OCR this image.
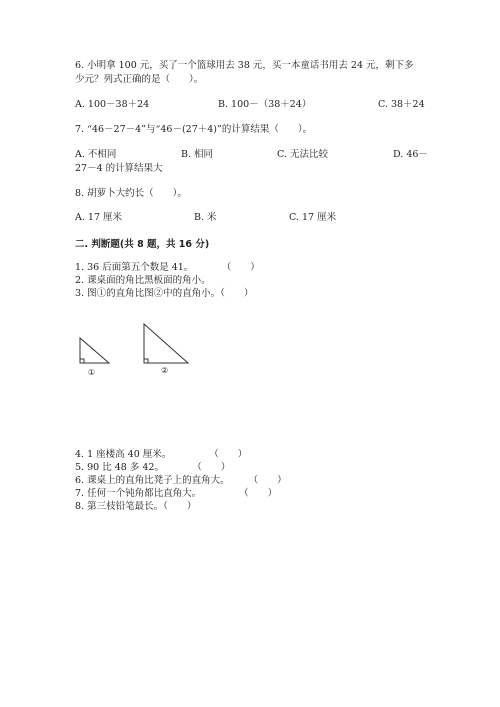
6. 小明拿 100 元，买了一个篮球用去 38 元，买一本童话书用去 24 元，剩下多
少元？列式正确的是（　　）。
A. 100－38＋24	B. 100－（38＋24）	C. 38＋24
7. “46－27－4”与“46－(27＋4)”的计算结果（　　）。
A. 不相同	B. 相同	C. 无法比较	D. 46－
27－4 的计算结果大
8. 胡萝卜大约长（　　）。
A. 17 厘米	B. 米	C. 17 厘米
二. 判断题(共 8 题，共 16 分)
1. 36 后面第五个数是 41。　　　　（　　）
2. 课桌面的角比黑板面的角小。
3. 图①的直角比图②中的直角小。（　　）
①	②
4. 1 座楼高 40 厘米。　　　　　（　　）
5. 90 比 48 多 42。　　　　（　　）
6. 课桌上的直角比凳子上的直角大。　　　（　　）
7. 任何一个钝角都比直角大。　　　　　（　　）
8. 第三枝铅笔最长。（　　）
